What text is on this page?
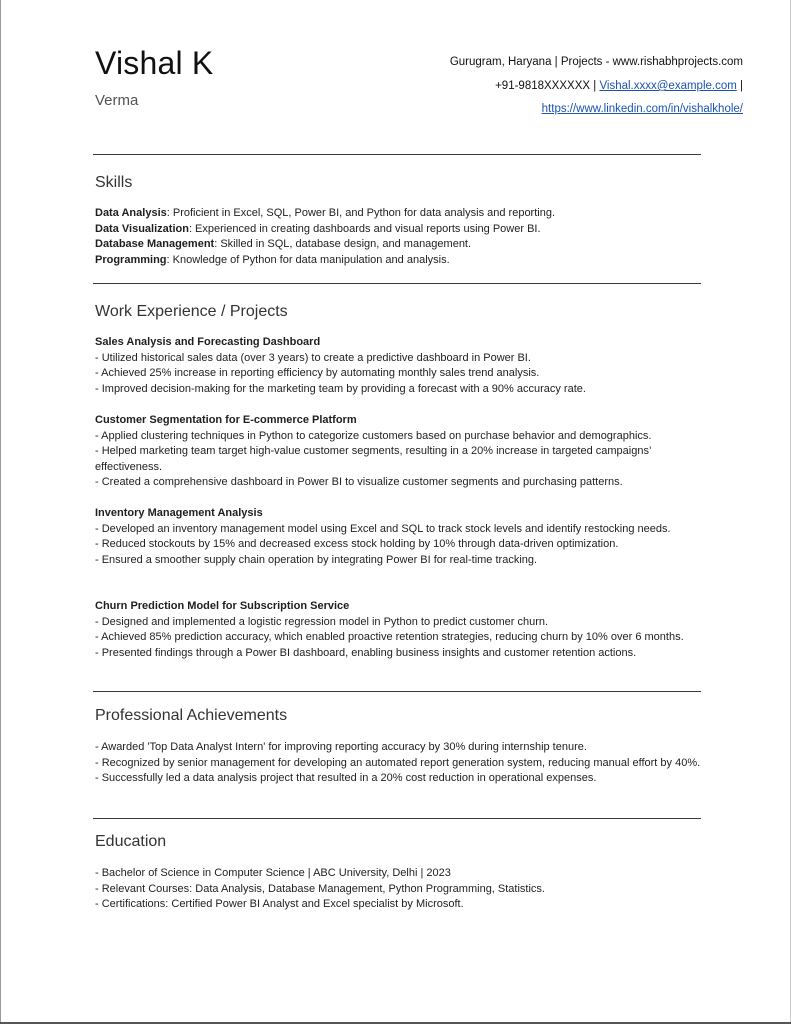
Vishal K
Verma
Gurugram, Haryana | Projects - www.rishabhprojects.com
+91-9818XXXXXX | Vishal.xxxx@example.com |
https://www.linkedin.com/in/vishalkhole/
Skills

Data Analysis: Proficient in Excel, SQL, Power BI, and Python for data analysis and reporting.

Data Visualization: Experienced in creating dashboards and visual reports using Power BI.

Database Management: Skilled in SQL, database design, and management.

Programming: Knowledge of Python for data manipulation and analysis.

Work Experience / Projects

Sales Analysis and Forecasting Dashboard

- Utilized historical sales data (over 3 years) to create a predictive dashboard in Power BI.

- Achieved 25% increase in reporting efficiency by automating monthly sales trend analysis.

- Improved decision-making for the marketing team by providing a forecast with a 90% accuracy rate.

Customer Segmentation for E-commerce Platform

- Applied clustering techniques in Python to categorize customers based on purchase behavior and demographics.

- Helped marketing team target high-value customer segments, resulting in a 20% increase in targeted campaigns’ effectiveness.

- Created a comprehensive dashboard in Power BI to visualize customer segments and purchasing patterns.

Inventory Management Analysis

- Developed an inventory management model using Excel and SQL to track stock levels and identify restocking needs.

- Reduced stockouts by 15% and decreased excess stock holding by 10% through data-driven optimization.

- Ensured a smoother supply chain operation by integrating Power BI for real-time tracking.

Churn Prediction Model for Subscription Service

- Designed and implemented a logistic regression model in Python to predict customer churn.

- Achieved 85% prediction accuracy, which enabled proactive retention strategies, reducing churn by 10% over 6 months.

- Presented findings through a Power BI dashboard, enabling business insights and customer retention actions.

Professional Achievements

- Awarded 'Top Data Analyst Intern' for improving reporting accuracy by 30% during internship tenure.

- Recognized by senior management for developing an automated report generation system, reducing manual effort by 40%.

- Successfully led a data analysis project that resulted in a 20% cost reduction in operational expenses.

Education

- Bachelor of Science in Computer Science | ABC University, Delhi | 2023

- Relevant Courses: Data Analysis, Database Management, Python Programming, Statistics.

- Certifications: Certified Power BI Analyst and Excel specialist by Microsoft.
